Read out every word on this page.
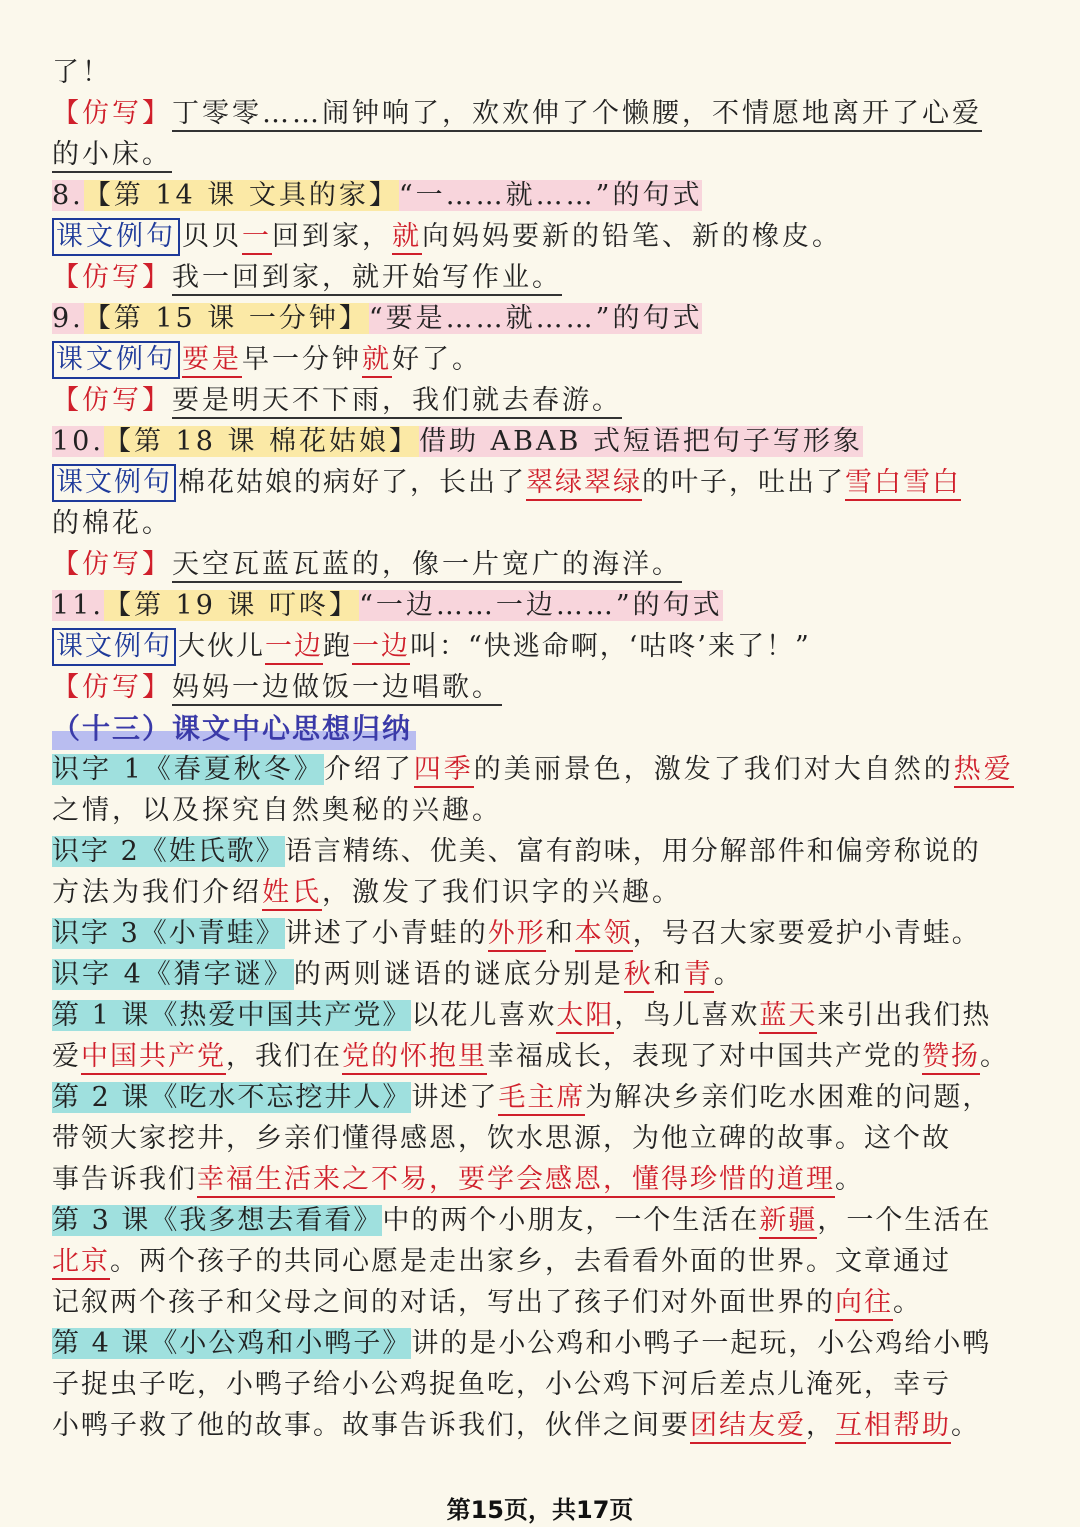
了！
【仿写】丁零零……闹钟响了，欢欢伸了个懒腰，不情愿地离开了心爱
的小床。
8.【第 14 课 文具的家】“一……就……”的句式
课文例句 贝贝一回到家，就向妈妈要新的铅笔、新的橡皮。
【仿写】我一回到家，就开始写作业。
9.【第 15 课 一分钟】“要是……就……”的句式
课文例句 要是早一分钟就好了。
【仿写】要是明天不下雨，我们就去春游。
10.【第 18 课 棉花姑娘】借助 ABAB 式短语把句子写形象
课文例句 棉花姑娘的病好了，长出了翠绿翠绿的叶子，吐出了雪白雪白
的棉花。
【仿写】天空瓦蓝瓦蓝的，像一片宽广的海洋。
11.【第 19 课 叮咚】“一边……一边……”的句式
课文例句 大伙儿一边跑一边叫：“快逃命啊，‘咕咚’来了！”
【仿写】妈妈一边做饭一边唱歌。
（十三）课文中心思想归纳
识字 1《春夏秋冬》介绍了四季的美丽景色，激发了我们对大自然的热爱
之情，以及探究自然奥秘的兴趣。
识字 2《姓氏歌》语言精练、优美、富有韵味，用分解部件和偏旁称说的
方法为我们介绍姓氏，激发了我们识字的兴趣。
识字 3《小青蛙》讲述了小青蛙的外形和本领，号召大家要爱护小青蛙。
识字 4《猜字谜》的两则谜语的谜底分别是秋和青。
第 1 课《热爱中国共产党》以花儿喜欢太阳，鸟儿喜欢蓝天来引出我们热
爱中国共产党，我们在党的怀抱里幸福成长，表现了对中国共产党的赞扬。
第 2 课《吃水不忘挖井人》讲述了毛主席为解决乡亲们吃水困难的问题，
带领大家挖井，乡亲们懂得感恩，饮水思源，为他立碑的故事。这个故
事告诉我们幸福生活来之不易，要学会感恩，懂得珍惜的道理。
第 3 课《我多想去看看》中的两个小朋友，一个生活在新疆，一个生活在
北京。两个孩子的共同心愿是走出家乡，去看看外面的世界。文章通过
记叙两个孩子和父母之间的对话，写出了孩子们对外面世界的向往。
第 4 课《小公鸡和小鸭子》讲的是小公鸡和小鸭子一起玩，小公鸡给小鸭
子捉虫子吃，小鸭子给小公鸡捉鱼吃，小公鸡下河后差点儿淹死，幸亏
小鸭子救了他的故事。故事告诉我们，伙伴之间要团结友爱，互相帮助。
第15页，共17页
